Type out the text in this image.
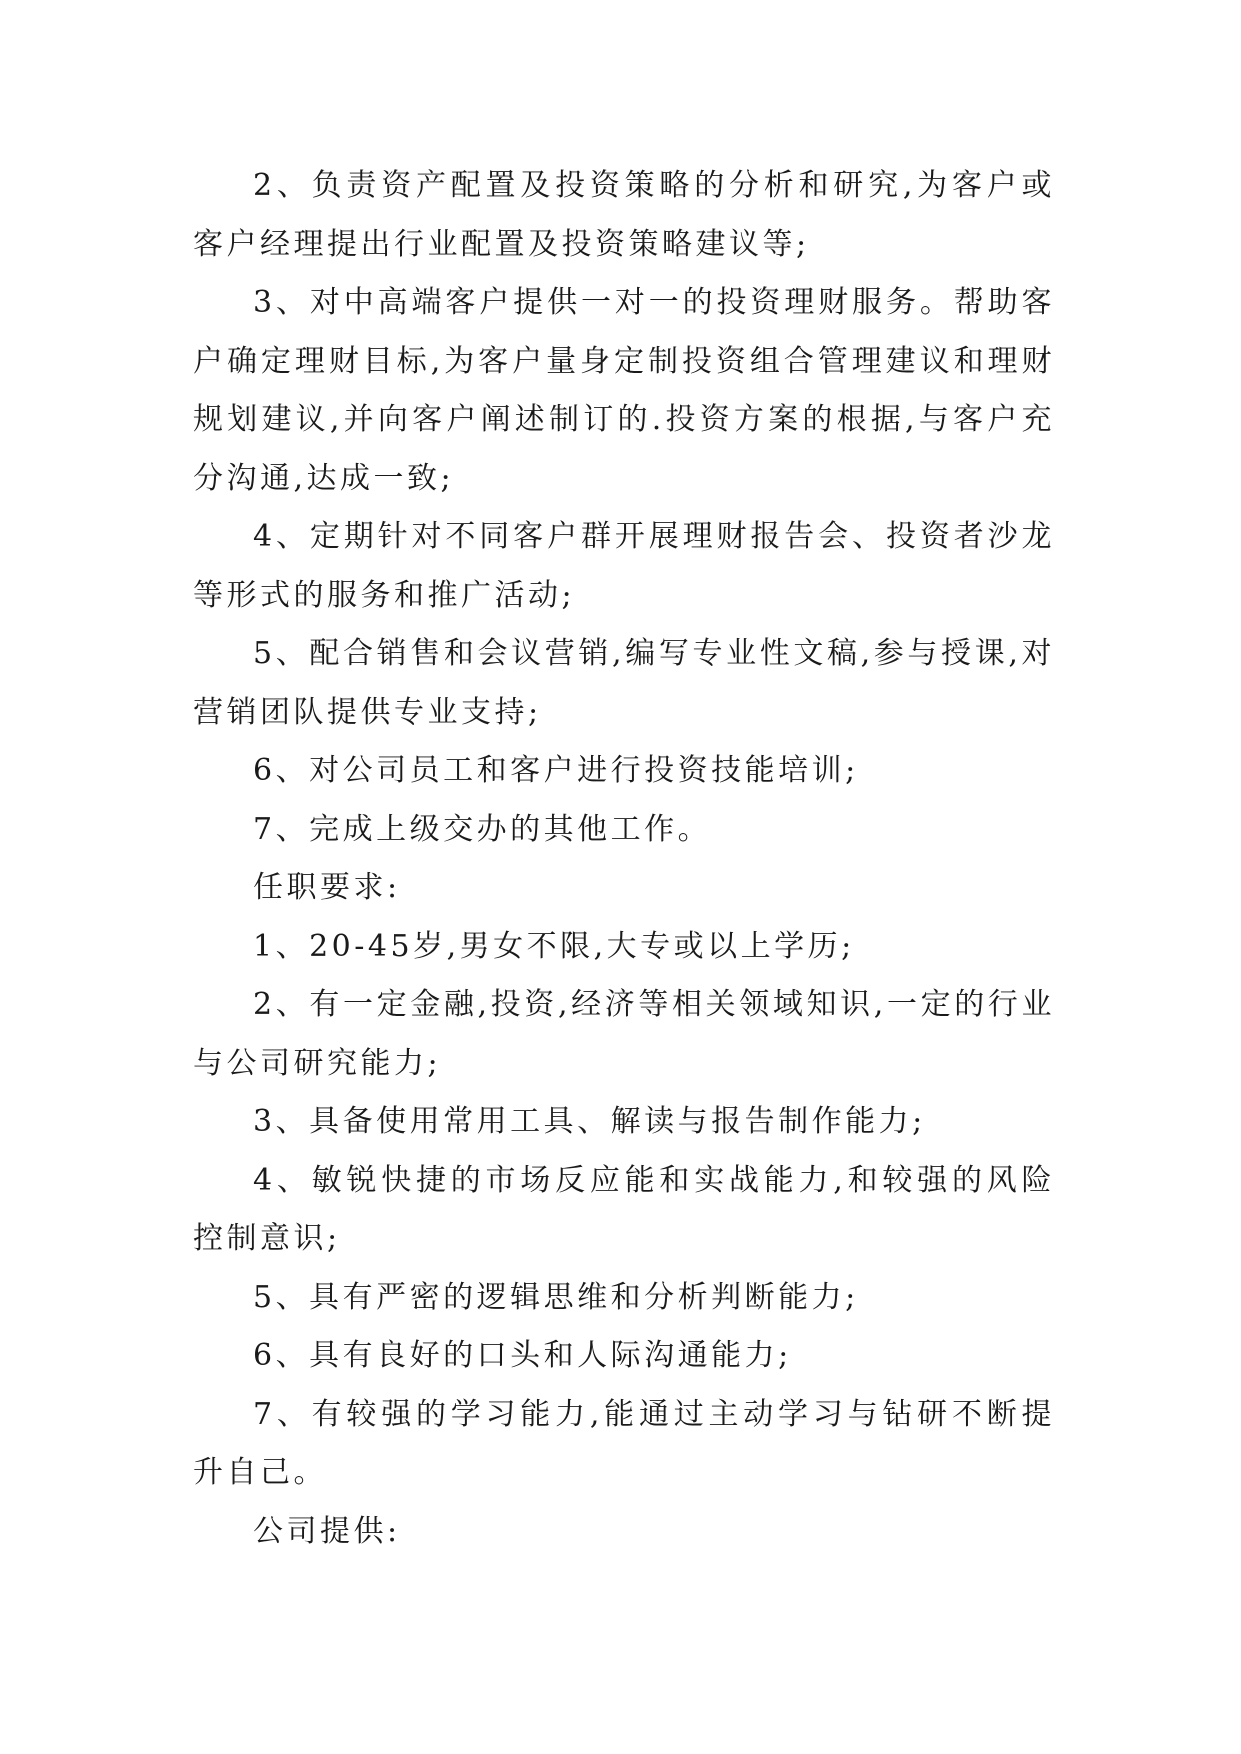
2、负责资产配置及投资策略的分析和研究,为客户或客户经理提出行业配置及投资策略建议等;

3、对中高端客户提供一对一的投资理财服务。帮助客户确定理财目标,为客户量身定制投资组合管理建议和理财规划建议,并向客户阐述制订的.投资方案的根据,与客户充分沟通,达成一致;

4、定期针对不同客户群开展理财报告会、投资者沙龙等形式的服务和推广活动;

5、配合销售和会议营销,编写专业性文稿,参与授课,对营销团队提供专业支持;

6、对公司员工和客户进行投资技能培训;

7、完成上级交办的其他工作。

任职要求:

1、20-45岁,男女不限,大专或以上学历;

2、有一定金融,投资,经济等相关领域知识,一定的行业与公司研究能力;

3、具备使用常用工具、解读与报告制作能力;

4、敏锐快捷的市场反应能和实战能力,和较强的风险控制意识;

5、具有严密的逻辑思维和分析判断能力;

6、具有良好的口头和人际沟通能力;

7、有较强的学习能力,能通过主动学习与钻研不断提升自己。

公司提供:
